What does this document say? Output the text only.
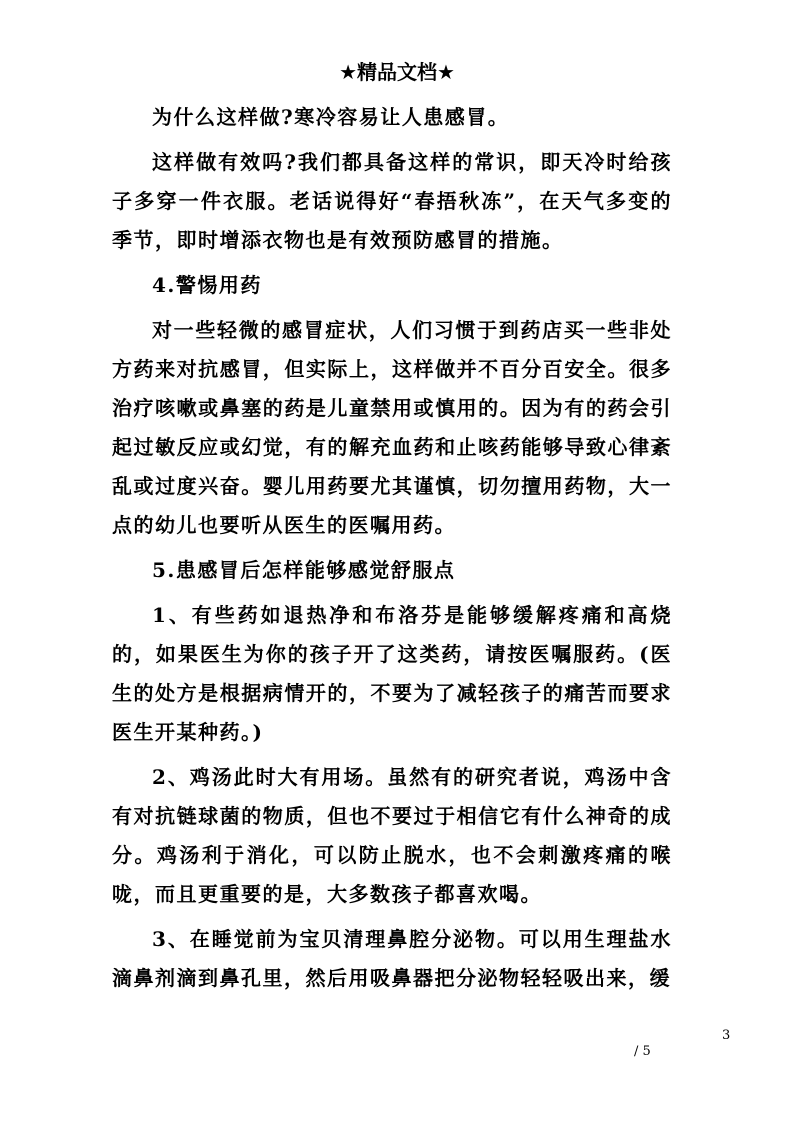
★精品文档★

为什么这样做?寒冷容易让人患感冒。

这样做有效吗?我们都具备这样的常识，即天冷时给孩子多穿一件衣服。老话说得好“春捂秋冻”，在天气多变的季节，即时增添衣物也是有效预防感冒的措施。

4.警惕用药

对一些轻微的感冒症状，人们习惯于到药店买一些非处方药来对抗感冒，但实际上，这样做并不百分百安全。很多治疗咳嗽或鼻塞的药是儿童禁用或慎用的。因为有的药会引起过敏反应或幻觉，有的解充血药和止咳药能够导致心律紊乱或过度兴奋。婴儿用药要尤其谨慎，切勿擅用药物，大一点的幼儿也要听从医生的医嘱用药。

5.患感冒后怎样能够感觉舒服点

1、有些药如退热净和布洛芬是能够缓解疼痛和高烧的，如果医生为你的孩子开了这类药，请按医嘱服药。(医生的处方是根据病情开的，不要为了减轻孩子的痛苦而要求医生开某种药。)

2、鸡汤此时大有用场。虽然有的研究者说，鸡汤中含有对抗链球菌的物质，但也不要过于相信它有什么神奇的成分。鸡汤利于消化，可以防止脱水，也不会刺激疼痛的喉咙，而且更重要的是，大多数孩子都喜欢喝。

3、在睡觉前为宝贝清理鼻腔分泌物。可以用生理盐水滴鼻剂滴到鼻孔里，然后用吸鼻器把分泌物轻轻吸出来，缓

3
/ 5
